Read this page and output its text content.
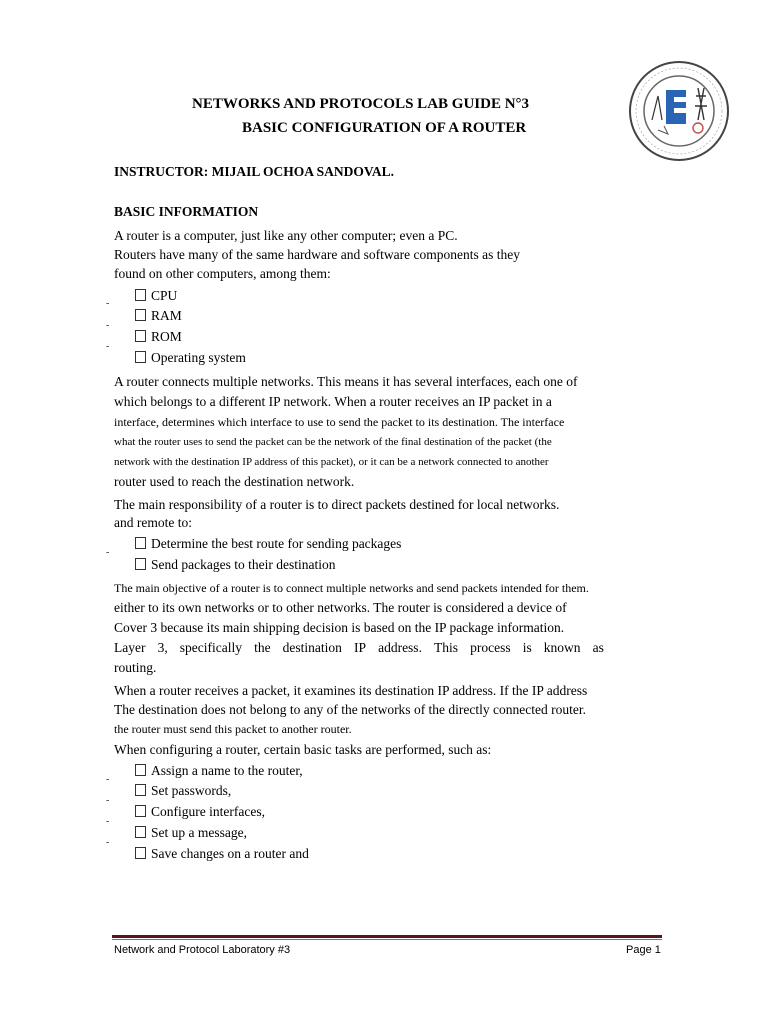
NETWORKS AND PROTOCOLS LAB GUIDE N°3
BASIC CONFIGURATION OF A ROUTER
INSTRUCTOR: MIJAIL OCHOA SANDOVAL.
BASIC INFORMATION
A router is a computer, just like any other computer; even a PC.
Routers have many of the same hardware and software components as they
found on other computers, among them:
CPU
RAM
ROM
Operating system
-
-
-
A router connects multiple networks. This means it has several interfaces, each one of
which belongs to a different IP network. When a router receives an IP packet in a
interface, determines which interface to use to send the packet to its destination. The interface
what the router uses to send the packet can be the network of the final destination of the packet (the
network with the destination IP address of this packet), or it can be a network connected to another
router used to reach the destination network.
The main responsibility of a router is to direct packets destined for local networks.
and remote to:
Determine the best route for sending packages
Send packages to their destination
-
The main objective of a router is to connect multiple networks and send packets intended for them.
either to its own networks or to other networks. The router is considered a device of
Cover 3 because its main shipping decision is based on the IP package information.
Layer 3, specifically the destination IP address. This process is known as
routing.
When a router receives a packet, it examines its destination IP address. If the IP address
The destination does not belong to any of the networks of the directly connected router.
the router must send this packet to another router.
When configuring a router, certain basic tasks are performed, such as:
Assign a name to the router,
Set passwords,
Configure interfaces,
Set up a message,
Save changes on a router and
-
-
-
-
Network and Protocol Laboratory #3	Page 1
